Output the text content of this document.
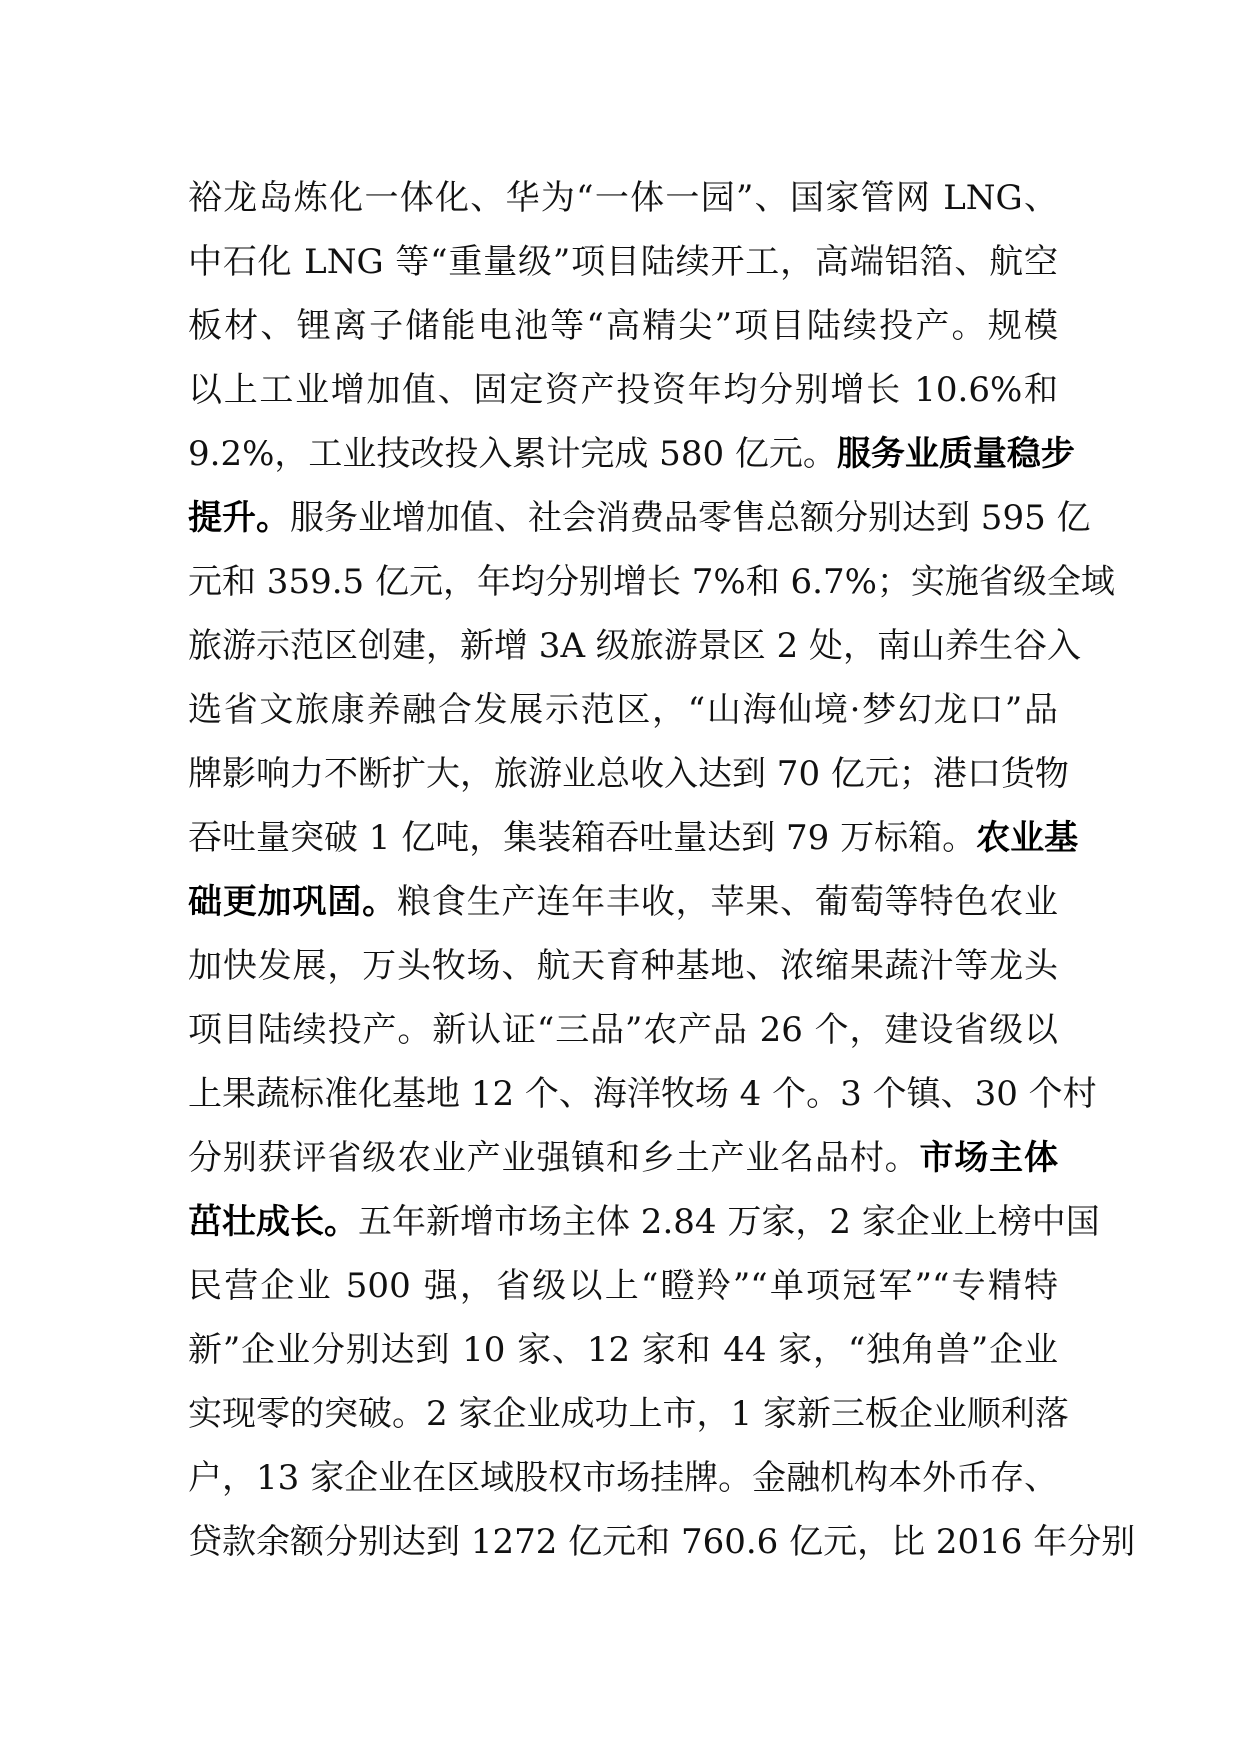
裕龙岛炼化一体化、华为“一体一园”、国家管网 LNG、
中石化 LNG 等“重量级”项目陆续开工，高端铝箔、航空
板材、锂离子储能电池等“高精尖”项目陆续投产。规模
以上工业增加值、固定资产投资年均分别增长 10.6%和
9.2%，工业技改投入累计完成 580 亿元。服务业质量稳步
提升。服务业增加值、社会消费品零售总额分别达到 595 亿
元和 359.5 亿元，年均分别增长 7%和 6.7%；实施省级全域
旅游示范区创建，新增 3A 级旅游景区 2 处，南山养生谷入
选省文旅康养融合发展示范区，“山海仙境·梦幻龙口”品
牌影响力不断扩大，旅游业总收入达到 70 亿元；港口货物
吞吐量突破 1 亿吨，集装箱吞吐量达到 79 万标箱。农业基
础更加巩固。粮食生产连年丰收，苹果、葡萄等特色农业
加快发展，万头牧场、航天育种基地、浓缩果蔬汁等龙头
项目陆续投产。新认证“三品”农产品 26 个，建设省级以
上果蔬标准化基地 12 个、海洋牧场 4 个。3 个镇、30 个村
分别获评省级农业产业强镇和乡土产业名品村。市场主体
茁壮成长。五年新增市场主体 2.84 万家，2 家企业上榜中国
民营企业 500 强，省级以上“瞪羚”“单项冠军”“专精特
新”企业分别达到 10 家、12 家和 44 家，“独角兽”企业
实现零的突破。2 家企业成功上市，1 家新三板企业顺利落
户，13 家企业在区域股权市场挂牌。金融机构本外币存、
贷款余额分别达到 1272 亿元和 760.6 亿元，比 2016 年分别
